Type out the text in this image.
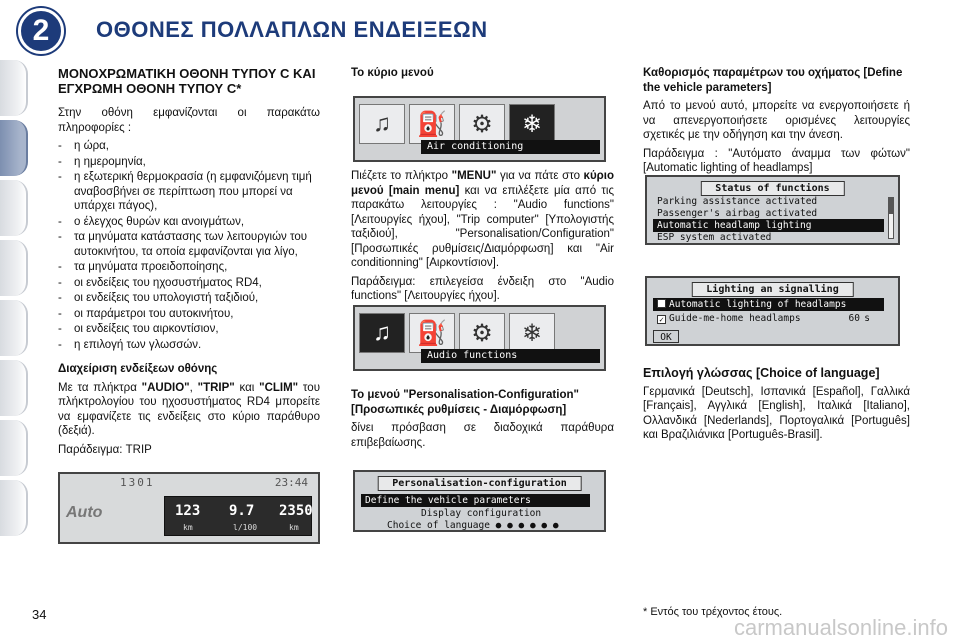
2	ΟΘΟΝΕΣ ΠΟΛΛΑΠΛΩΝ ΕΝΔΕΙΞΕΩΝ
ΜΟΝΟΧΡΩΜΑΤΙΚΗ ΟΘΟΝΗ ΤΥΠΟΥ C ΚΑΙ ΕΓΧΡΩΜΗ ΟΘΟΝΗ ΤΥΠΟΥ C*

Στην οθόνη εμφανίζονται οι παρακάτω πληροφορίες :

- η ώρα,
- η ημερομηνία,
- η εξωτερική θερμοκρασία (η εμφανιζόμενη τιμή αναβοσβήνει σε περίπτωση που μπορεί να υπάρχει πάγος),
- ο έλεγχος θυρών και ανοιγμάτων,
- τα μηνύματα κατάστασης των λειτουργιών του αυτοκινήτου, τα οποία εμφανίζονται για λίγο,
- τα μηνύματα προειδοποίησης,
- οι ενδείξεις του ηχοσυστήματος RD4,
- οι ενδείξεις του υπολογιστή ταξιδιού,
- οι παράμετροι του αυτοκινήτου,
- οι ενδείξεις του αιρκοντίσιον,
- η επιλογή των γλωσσών.
Διαχείριση ενδείξεων οθόνης

Με τα πλήκτρα "AUDIO", "TRIP" και "CLIM" του πλήκτρολογίου του ηχοσυστήματος RD4 μπορείτε να εμφανίζετε τις ενδείξεις στο κύριο παράθυρο (δεξιά).

Παράδειγμα: TRIP

1301	23:44
Auto	123 9.7 2350
km	l/100	km
Το κύριο μενού
♫	⛽	⚙	❄
Air conditioning

Πιέζετε το πλήκτρο "MENU" για να πάτε στο κύριο μενού [main menu] και να επιλέξετε μία από τις παρακάτω λειτουργίες : "Audio functions" [Λειτουργίες ήχου], "Trip computer" [Υπολογιστής ταξιδιού], "Personalisation/Configuration" [Προσωπικές ρυθμίσεις/Διαμόρφωση] και "Air conditionning" [Αιρκοντίσιον].

Παράδειγμα: επιλεγείσα ένδειξη στο "Audio functions" [Λειτουργίες ήχου].

♫	⛽	⚙	❄
Audio functions
Το μενού "Personalisation-Configuration" [Προσωπικές ρυθμίσεις - Διαμόρφωση]

δίνει πρόσβαση σε διαδοχικά παράθυρα επιβεβαίωσης.

Personalisation-configuration
Define the vehicle parameters
Display configuration
Choice of language ● ● ● ● ● ●
Καθορισμός παραμέτρων του οχήματος [Define the vehicle parameters]

Από το μενού αυτό, μπορείτε να ενεργοποιήσετε ή να απενεργοποιήσετε ορισμένες λειτουργίες σχετικές με την οδήγηση και την άνεση.

Παράδειγμα : "Αυτόματο άναμμα των φώτων" [Automatic lighting of headlamps]

Status of functions
Parking assistance activated
Passenger's airbag activated
Automatic headlamp lighting
ESP system activated
Lighting an signalling
Automatic lighting of headlamps
✓ Guide-me-home headlamps	60 s
OK
Επιλογή γλώσσας [Choice of language]

Γερμανικά [Deutsch], Ισπανικά [Español], Γαλλικά [Français], Αγγλικά [English], Ιταλικά [Italiano], Ολλανδικά [Nederlands], Πορτογαλικά [Português] και Βραζιλιάνικα [Português-Brasil].

* Εντός του τρέχοντος έτους.
34
carmanualsonline.info
